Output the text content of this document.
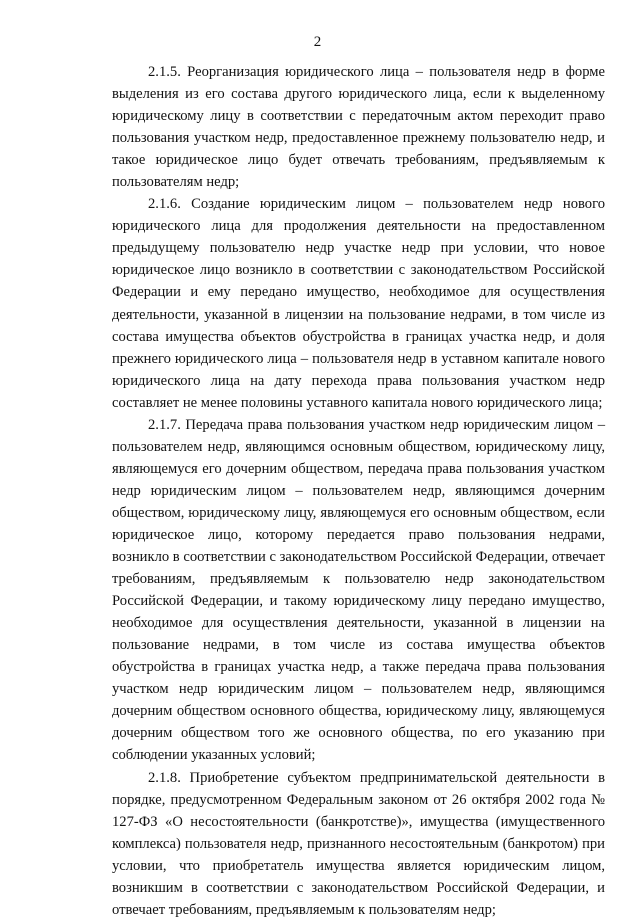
2

2.1.5. Реорганизация юридического лица – пользователя недр в форме выделения из его состава другого юридического лица, если к выделенному юридическому лицу в соответствии с передаточным актом переходит право пользования участком недр, предоставленное прежнему пользователю недр, и такое юридическое лицо будет отвечать требованиям, предъявляемым к пользователям недр;

2.1.6. Создание юридическим лицом – пользователем недр нового юридического лица для продолжения деятельности на предоставленном предыдущему пользователю недр участке недр при условии, что новое юридическое лицо возникло в соответствии с законодательством Российской Федерации и ему передано имущество, необходимое для осуществления деятельности, указанной в лицензии на пользование недрами, в том числе из состава имущества объектов обустройства в границах участка недр, и доля прежнего юридического лица – пользователя недр в уставном капитале нового юридического лица на дату перехода права пользования участком недр составляет не менее половины уставного капитала нового юридического лица;

2.1.7. Передача права пользования участком недр юридическим лицом – пользователем недр, являющимся основным обществом, юридическому лицу, являющемуся его дочерним обществом, передача права пользования участком недр юридическим лицом – пользователем недр, являющимся дочерним обществом, юридическому лицу, являющемуся его основным обществом, если юридическое лицо, которому передается право пользования недрами, возникло в соответствии с законодательством Российской Федерации, отвечает требованиям, предъявляемым к пользователю недр законодательством Российской Федерации, и такому юридическому лицу передано имущество, необходимое для осуществления деятельности, указанной в лицензии на пользование недрами, в том числе из состава имущества объектов обустройства в границах участка недр, а также передача права пользования участком недр юридическим лицом – пользователем недр, являющимся дочерним обществом основного общества, юридическому лицу, являющемуся дочерним обществом того же основного общества, по его указанию при соблюдении указанных условий;

2.1.8. Приобретение субъектом предпринимательской деятельности в порядке, предусмотренном Федеральным законом от 26 октября 2002 года № 127-ФЗ «О несостоятельности (банкротстве)», имущества (имущественного комплекса) пользователя недр, признанного несостоятельным (банкротом) при условии, что приобретатель имущества является юридическим лицом, возникшим в соответствии с законодательством Российской Федерации, и отвечает требованиям, предъявляемым к пользователям недр;
